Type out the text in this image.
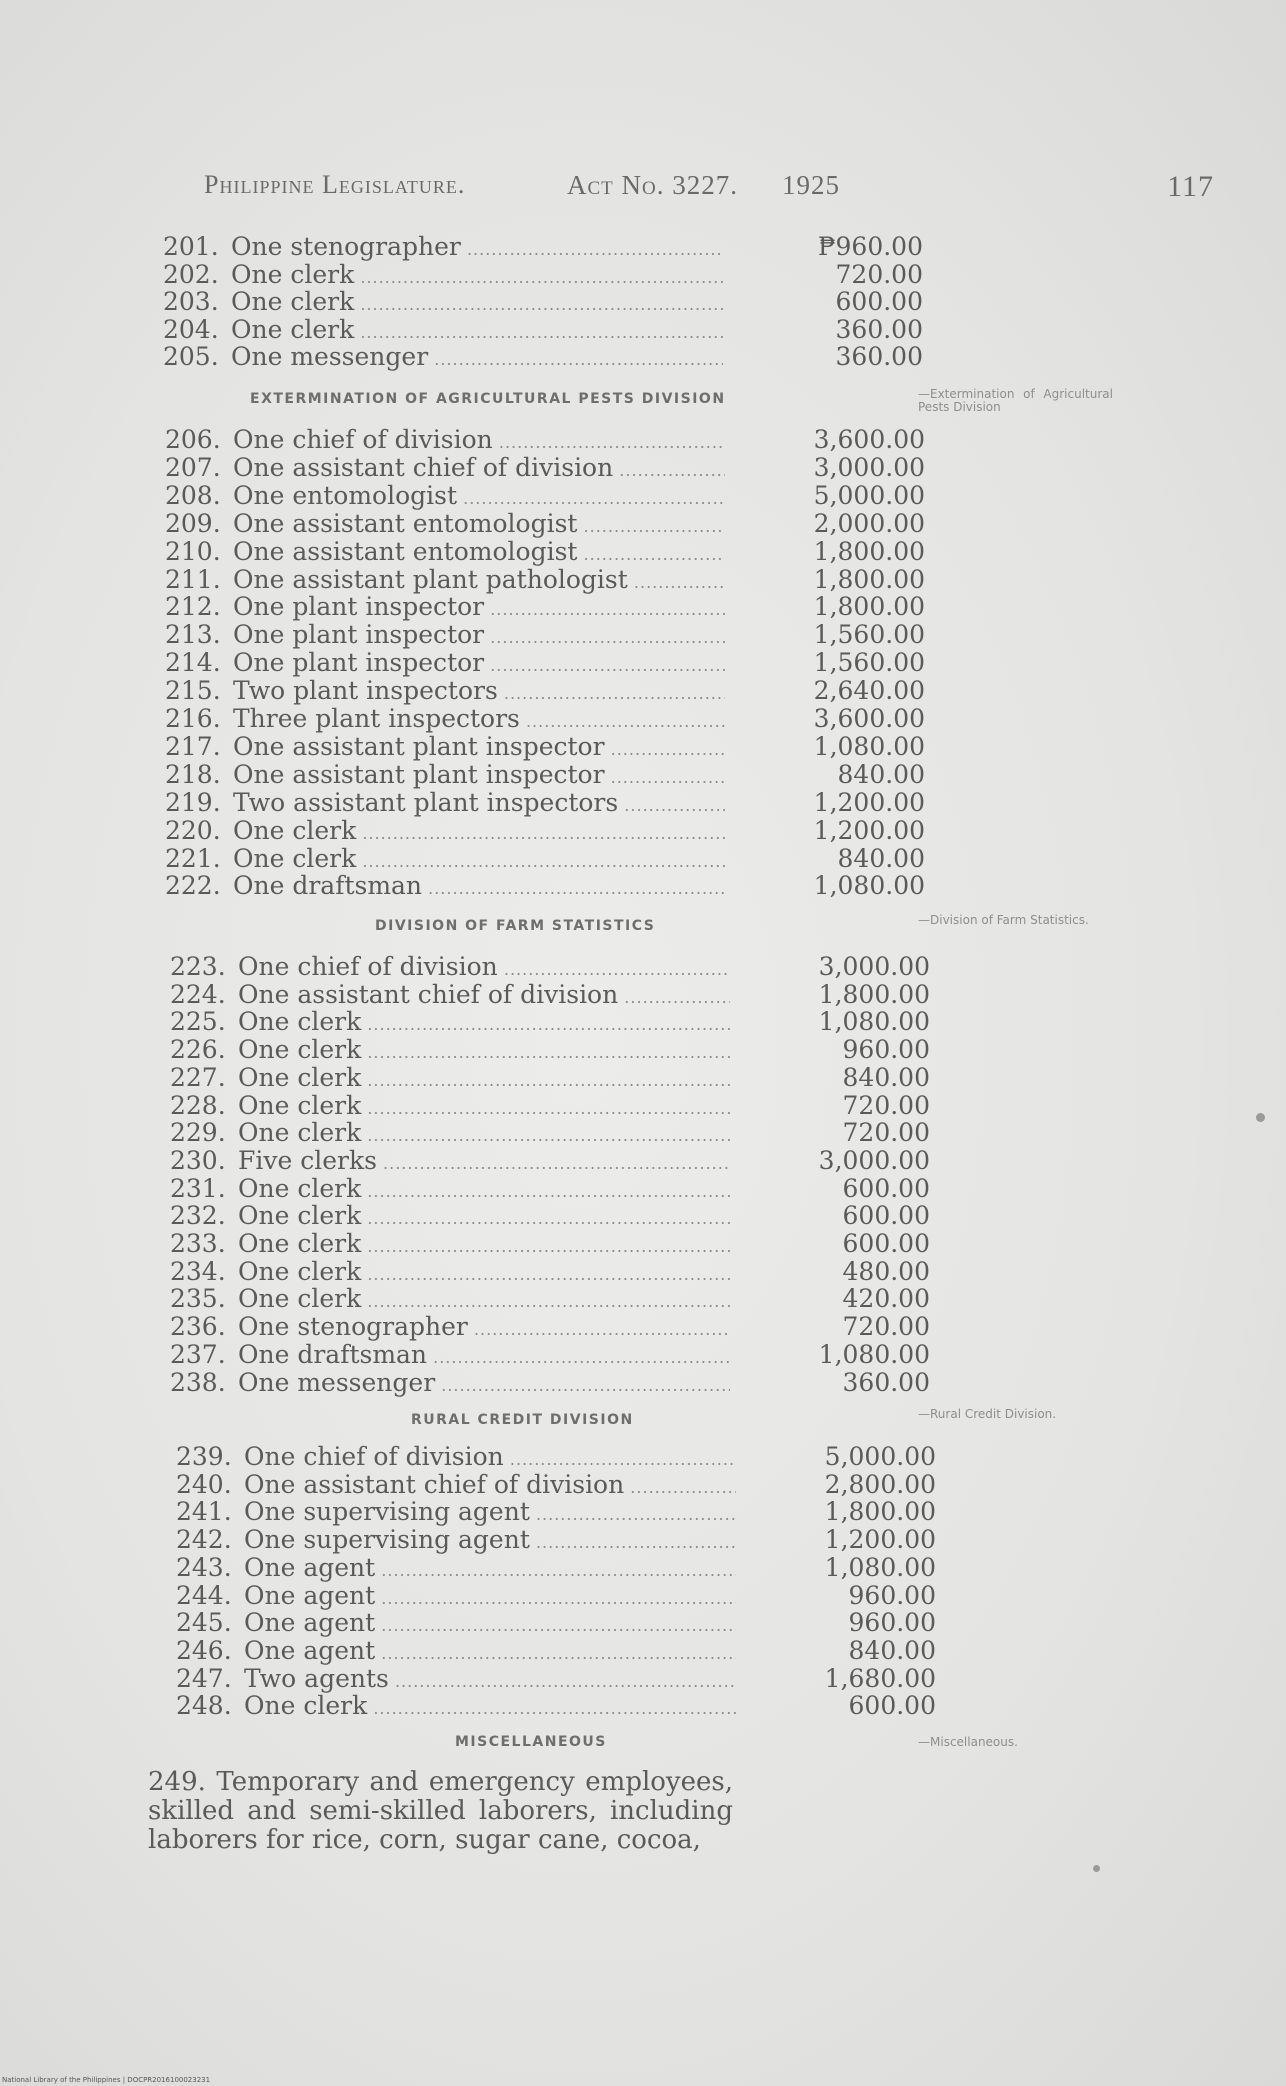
Philippine Legislature.	Act No. 3227. 1925	117
201. One stenographer .....	₱960.00
202. One clerk .....	720.00
203. One clerk .....	600.00
204. One clerk .....	360.00
205. One messenger .....	360.00
EXTERMINATION OF AGRICULTURAL PESTS DIVISION	—Extermination of Agricultural Pests Division
206. One chief of division .....	3,600.00
207. One assistant chief of division .....	3,000.00
208. One entomologist .....	5,000.00
209. One assistant entomologist .....	2,000.00
210. One assistant entomologist .....	1,800.00
211. One assistant plant pathologist .....	1,800.00
212. One plant inspector .....	1,800.00
213. One plant inspector .....	1,560.00
214. One plant inspector .....	1,560.00
215. Two plant inspectors .....	2,640.00
216. Three plant inspectors .....	3,600.00
217. One assistant plant inspector .....	1,080.00
218. One assistant plant inspector .....	840.00
219. Two assistant plant inspectors .....	1,200.00
220. One clerk .....	1,200.00
221. One clerk .....	840.00
222. One draftsman .....	1,080.00
DIVISION OF FARM STATISTICS	—Division of Farm Statistics.
223. One chief of division .....	3,000.00
224. One assistant chief of division .....	1,800.00
225. One clerk .....	1,080.00
226. One clerk .....	960.00
227. One clerk .....	840.00
228. One clerk .....	720.00
229. One clerk .....	720.00
230. Five clerks .....	3,000.00
231. One clerk .....	600.00
232. One clerk .....	600.00
233. One clerk .....	600.00
234. One clerk .....	480.00
235. One clerk .....	420.00
236. One stenographer .....	720.00
237. One draftsman .....	1,080.00
238. One messenger .....	360.00
RURAL CREDIT DIVISION	—Rural Credit Division.
239. One chief of division .....	5,000.00
240. One assistant chief of division .....	2,800.00
241. One supervising agent .....	1,800.00
242. One supervising agent .....	1,200.00
243. One agent .....	1,080.00
244. One agent .....	960.00
245. One agent .....	960.00
246. One agent .....	840.00
247. Two agents .....	1,680.00
248. One clerk .....	600.00
MISCELLANEOUS	—Miscellaneous.
249. Temporary and emergency employees, skilled and semi-skilled laborers, including laborers for rice, corn, sugar cane, cocoa,
National Library of the Philippines | DOCPR2016100023231
